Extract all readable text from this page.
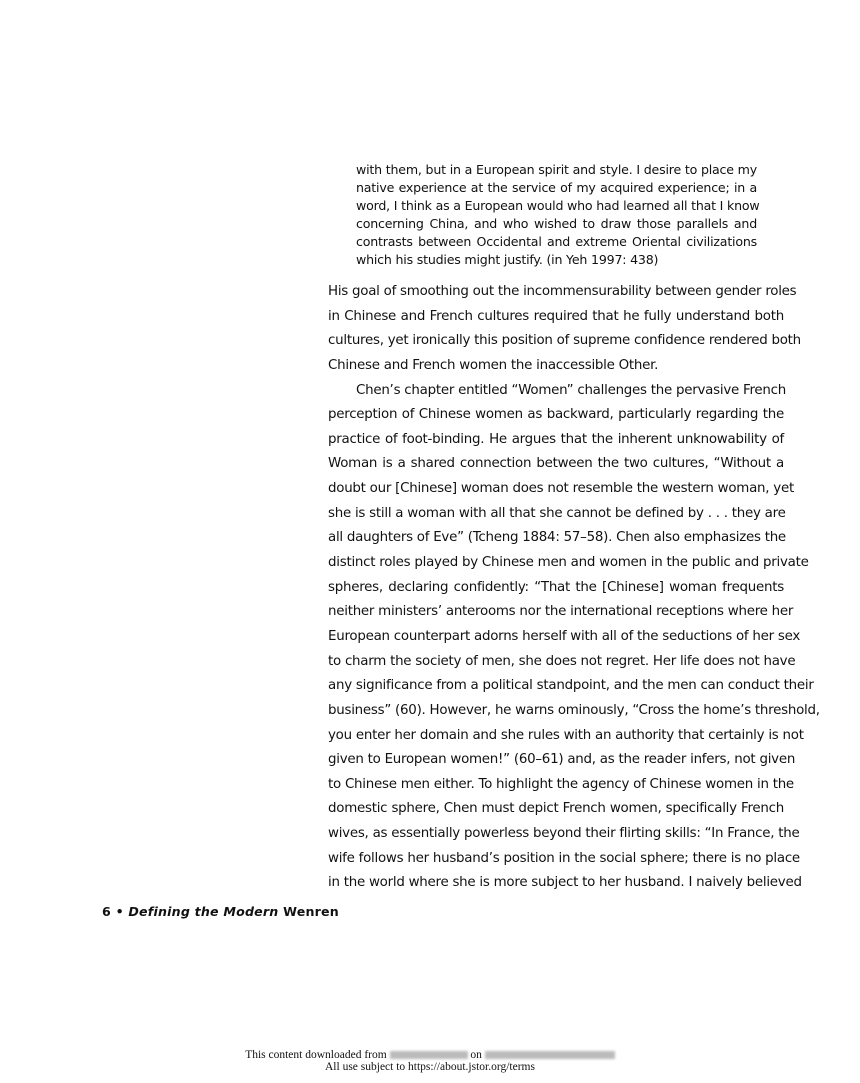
with them, but in a European spirit and style. I desire to place my
native experience at the service of my acquired experience; in a
word, I think as a European would who had learned all that I know
concerning China, and who wished to draw those parallels and
contrasts between Occidental and extreme Oriental civilizations
which his studies might justify. (in Yeh 1997: 438)
His goal of smoothing out the incommensurability between gender roles
in Chinese and French cultures required that he fully understand both
cultures, yet ironically this position of supreme confidence rendered both
Chinese and French women the inaccessible Other.
Chen’s chapter entitled “Women” challenges the pervasive French
perception of Chinese women as backward, particularly regarding the
practice of foot-binding. He argues that the inherent unknowability of
Woman is a shared connection between the two cultures, “Without a
doubt our [Chinese] woman does not resemble the western woman, yet
she is still a woman with all that she cannot be defined by . . . they are
all daughters of Eve” (Tcheng 1884: 57–58). Chen also emphasizes the
distinct roles played by Chinese men and women in the public and private
spheres, declaring confidently: “That the [Chinese] woman frequents
neither ministers’ anterooms nor the international receptions where her
European counterpart adorns herself with all of the seductions of her sex
to charm the society of men, she does not regret. Her life does not have
any significance from a political standpoint, and the men can conduct their
business” (60). However, he warns ominously, “Cross the home’s threshold,
you enter her domain and she rules with an authority that certainly is not
given to European women!” (60–61) and, as the reader infers, not given
to Chinese men either. To highlight the agency of Chinese women in the
domestic sphere, Chen must depict French women, specifically French
wives, as essentially powerless beyond their flirting skills: “In France, the
wife follows her husband’s position in the social sphere; there is no place
in the world where she is more subject to her husband. I naively believed
6 • Defining the Modern Wenren
This content downloaded from	on
All use subject to https://about.jstor.org/terms
